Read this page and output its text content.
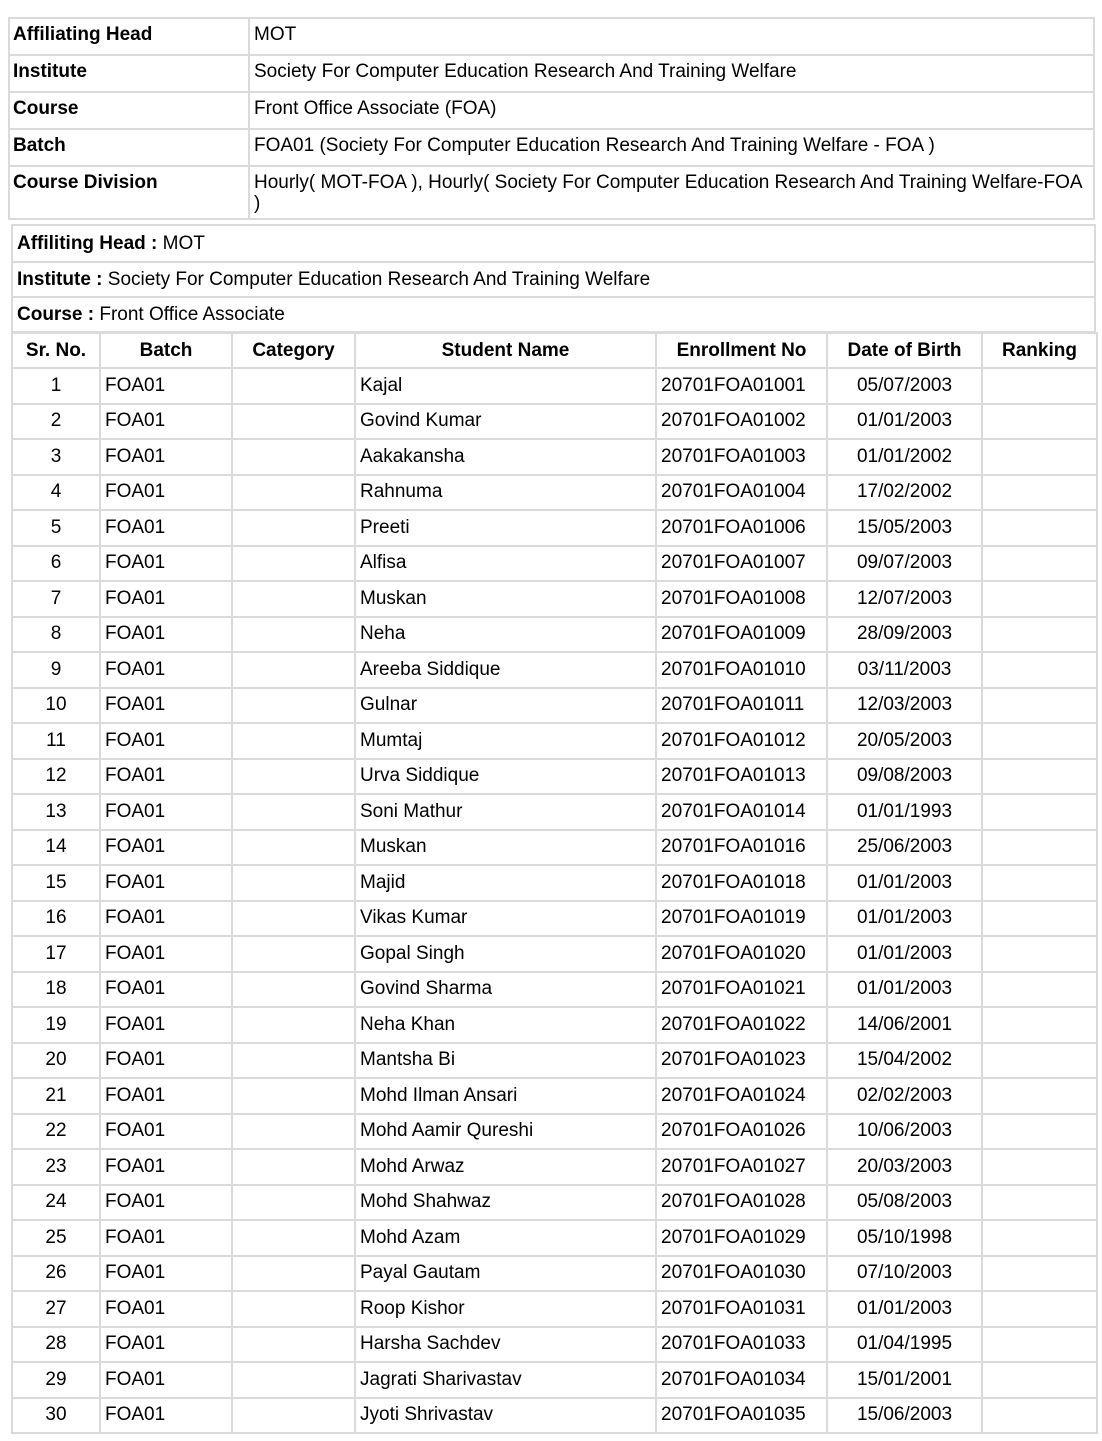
Affiliating Head	MOT
Institute	Society For Computer Education Research And Training Welfare
Course	Front Office Associate (FOA)
Batch	FOA01 (Society For Computer Education Research And Training Welfare - FOA )
Course Division	Hourly( MOT-FOA ), Hourly( Society For Computer Education Research And Training Welfare-FOA )
Affiliting Head : MOT
Institute : Society For Computer Education Research And Training Welfare
Course : Front Office Associate
Sr. No.	Batch	Category	Student Name	Enrollment No	Date of Birth	Ranking
1	FOA01		Kajal	20701FOA01001	05/07/2003	
2	FOA01		Govind Kumar	20701FOA01002	01/01/2003	
3	FOA01		Aakakansha	20701FOA01003	01/01/2002	
4	FOA01		Rahnuma	20701FOA01004	17/02/2002	
5	FOA01		Preeti	20701FOA01006	15/05/2003	
6	FOA01		Alfisa	20701FOA01007	09/07/2003	
7	FOA01		Muskan	20701FOA01008	12/07/2003	
8	FOA01		Neha	20701FOA01009	28/09/2003	
9	FOA01		Areeba Siddique	20701FOA01010	03/11/2003	
10	FOA01		Gulnar	20701FOA01011	12/03/2003	
11	FOA01		Mumtaj	20701FOA01012	20/05/2003	
12	FOA01		Urva Siddique	20701FOA01013	09/08/2003	
13	FOA01		Soni Mathur	20701FOA01014	01/01/1993	
14	FOA01		Muskan	20701FOA01016	25/06/2003	
15	FOA01		Majid	20701FOA01018	01/01/2003	
16	FOA01		Vikas Kumar	20701FOA01019	01/01/2003	
17	FOA01		Gopal Singh	20701FOA01020	01/01/2003	
18	FOA01		Govind Sharma	20701FOA01021	01/01/2003	
19	FOA01		Neha Khan	20701FOA01022	14/06/2001	
20	FOA01		Mantsha Bi	20701FOA01023	15/04/2002	
21	FOA01		Mohd Ilman Ansari	20701FOA01024	02/02/2003	
22	FOA01		Mohd Aamir Qureshi	20701FOA01026	10/06/2003	
23	FOA01		Mohd Arwaz	20701FOA01027	20/03/2003	
24	FOA01		Mohd Shahwaz	20701FOA01028	05/08/2003	
25	FOA01		Mohd Azam	20701FOA01029	05/10/1998	
26	FOA01		Payal Gautam	20701FOA01030	07/10/2003	
27	FOA01		Roop Kishor	20701FOA01031	01/01/2003	
28	FOA01		Harsha Sachdev	20701FOA01033	01/04/1995	
29	FOA01		Jagrati Sharivastav	20701FOA01034	15/01/2001	
30	FOA01		Jyoti Shrivastav	20701FOA01035	15/06/2003	
